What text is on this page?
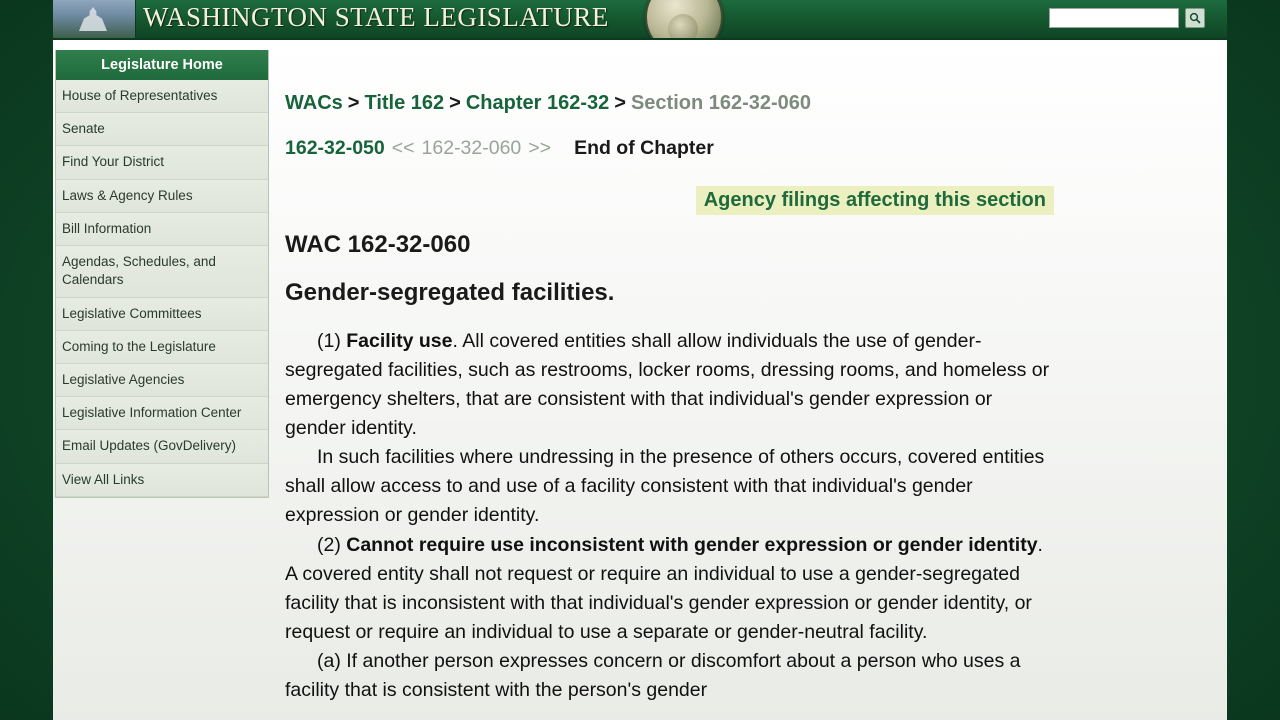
WASHINGTON STATE LEGISLATURE
Legislature Home
House of Representatives
Senate
Find Your District
Laws & Agency Rules
Bill Information
Agendas, Schedules, and Calendars
Legislative Committees
Coming to the Legislature
Legislative Agencies
Legislative Information Center
Email Updates (GovDelivery)
View All Links
WACs > Title 162 > Chapter 162-32 > Section 162-32-060
162-32-050 << 162-32-060 >> End of Chapter
Agency filings affecting this section
WAC 162-32-060
Gender-segregated facilities.

(1) Facility use. All covered entities shall allow individuals the use of gender-segregated facilities, such as restrooms, locker rooms, dressing rooms, and homeless or emergency shelters, that are consistent with that individual's gender expression or gender identity.

In such facilities where undressing in the presence of others occurs, covered entities shall allow access to and use of a facility consistent with that individual's gender expression or gender identity.

(2) Cannot require use inconsistent with gender expression or gender identity. A covered entity shall not request or require an individual to use a gender-segregated facility that is inconsistent with that individual's gender expression or gender identity, or request or require an individual to use a separate or gender-neutral facility.

(a) If another person expresses concern or discomfort about a person who uses a facility that is consistent with the person's gender
